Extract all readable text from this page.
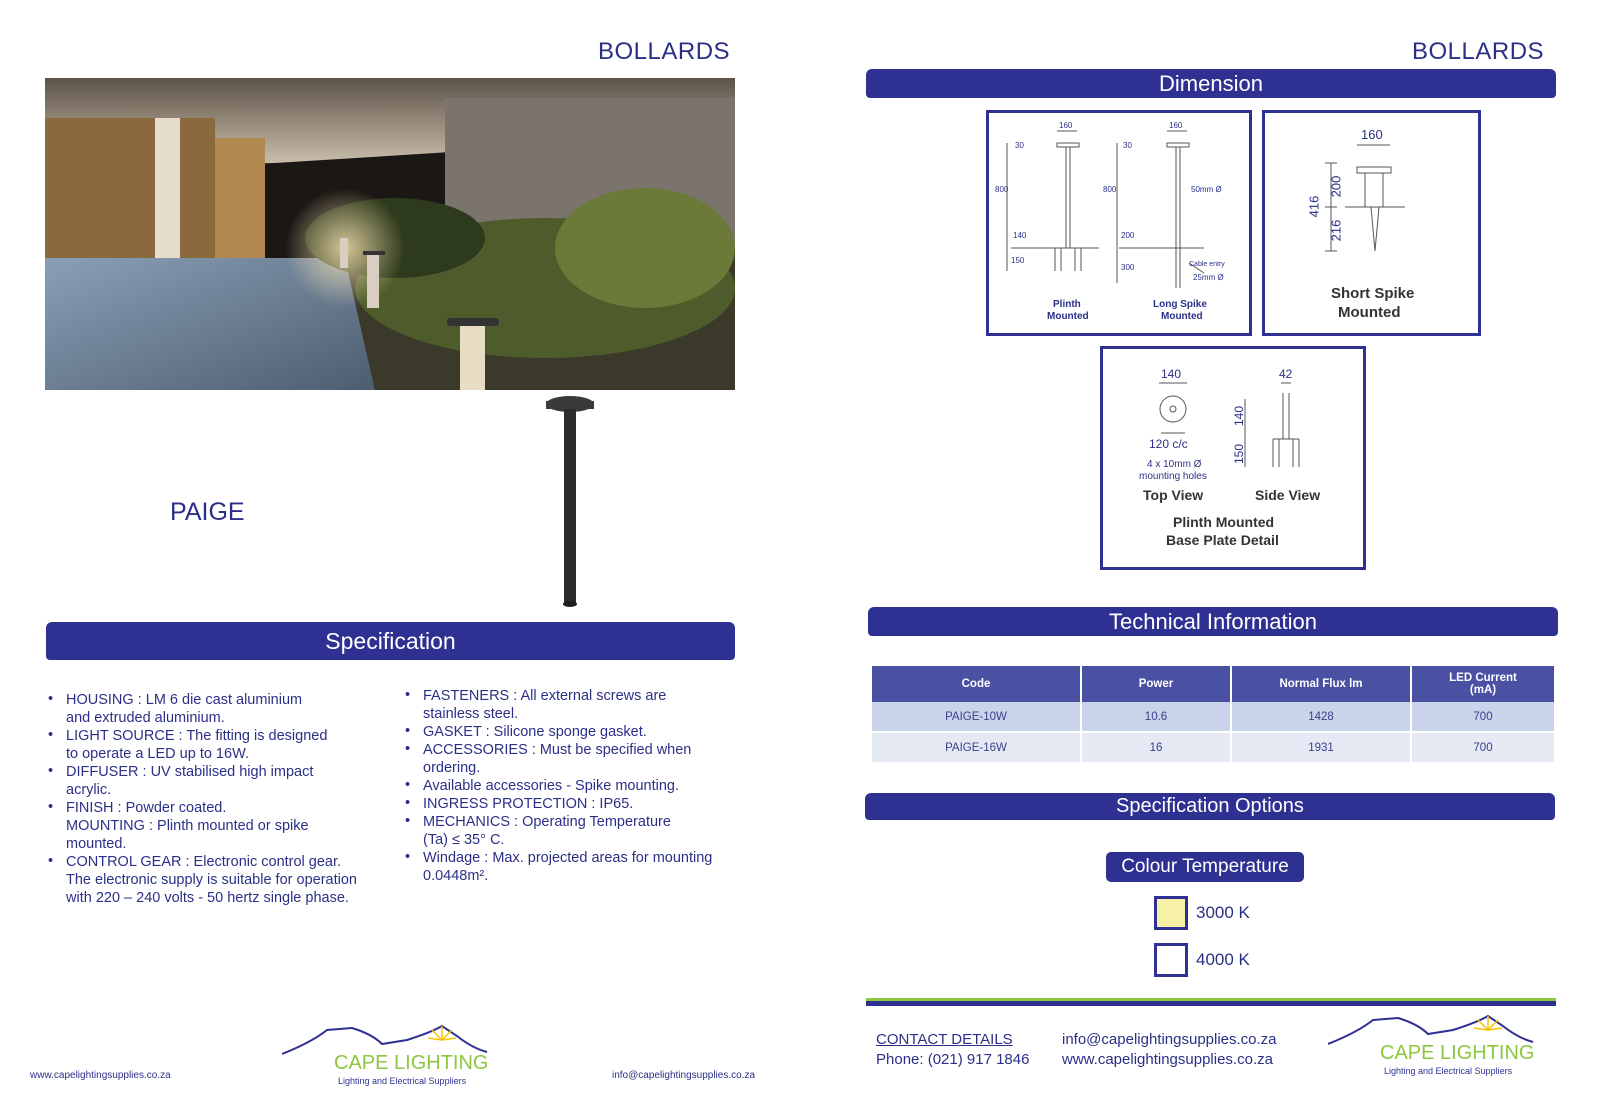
BOLLARDS
PAIGE
Specification
• HOUSING : LM 6 die cast aluminium
and extruded aluminium.
• LIGHT SOURCE : The fitting is designed
to operate a LED up to 16W.
• DIFFUSER : UV stabilised high impact
acrylic.
• FINISH : Powder coated.
MOUNTING : Plinth mounted or spike
mounted.
• CONTROL GEAR : Electronic control gear.
The electronic supply is suitable for operation
with 220 – 240 volts - 50 hertz single phase.
• FASTENERS : All external screws are
stainless steel.
• GASKET : Silicone sponge gasket.
• ACCESSORIES : Must be specified when
ordering.
• Available accessories - Spike mounting.
• INGRESS PROTECTION : IP65.
• MECHANICS : Operating Temperature
(Ta) ≤ 35° C.
• Windage : Max. projected areas for mounting
0.0448m².
www.capelightingsupplies.co.za	info@capelightingsupplies.co.za
CAPE LIGHTING
Lighting and Electrical Suppliers
BOLLARDS
Dimension
160	160
30	30
800	800
140
150
200
300
50mm Ø
Cable entry
25mm Ø
Plinth
Mounted
Long Spike
Mounted
160
416
200
216
Short Spike
Mounted
140	42
140
150
120 c/c
4 x 10mm Ø
mounting holes
Top View	Side View
Plinth Mounted
Base Plate Detail
Technical Information
Code	Power	Normal Flux lm	LED Current
(mA)

PAIGE-10W	10.6	1428	700
PAIGE-16W	16	1931	700
Specification Options
Colour Temperature
3000 K
4000 K
CONTACT DETAILS
Phone: (021) 917 1846
info@capelightingsupplies.co.za
www.capelightingsupplies.co.za	CAPE LIGHTING
Lighting and Electrical Suppliers
